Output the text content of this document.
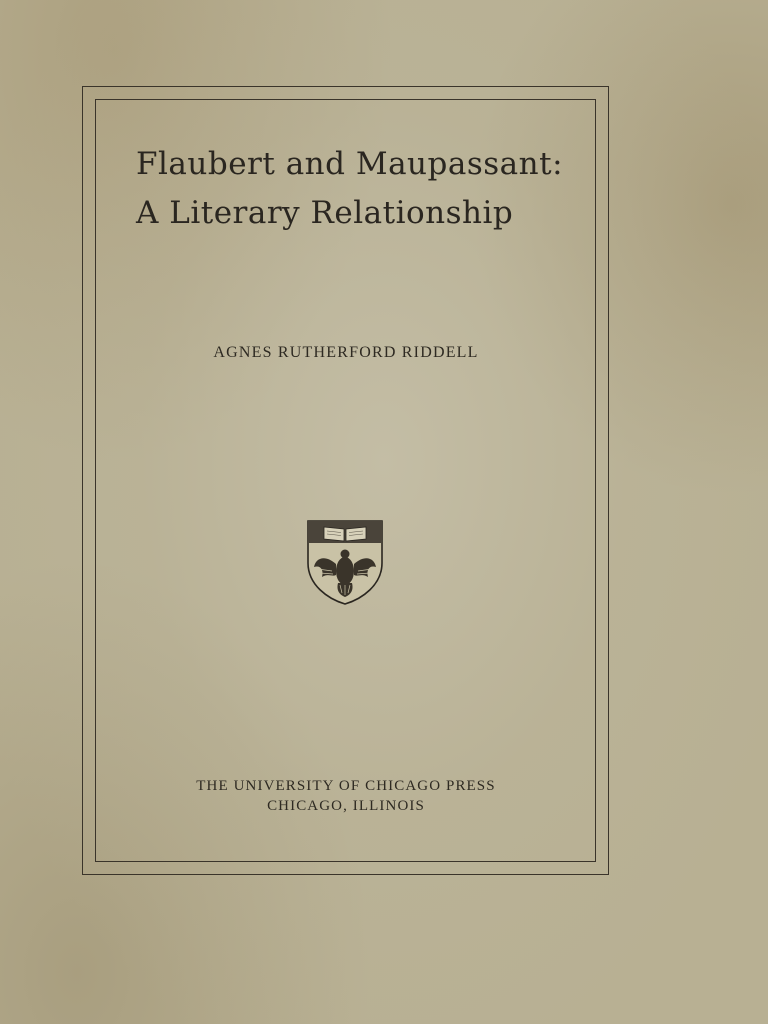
Flaubert and Maupassant:
A Literary Relationship

AGNES RUTHERFORD RIDDELL

THE UNIVERSITY OF CHICAGO PRESS
CHICAGO, ILLINOIS
